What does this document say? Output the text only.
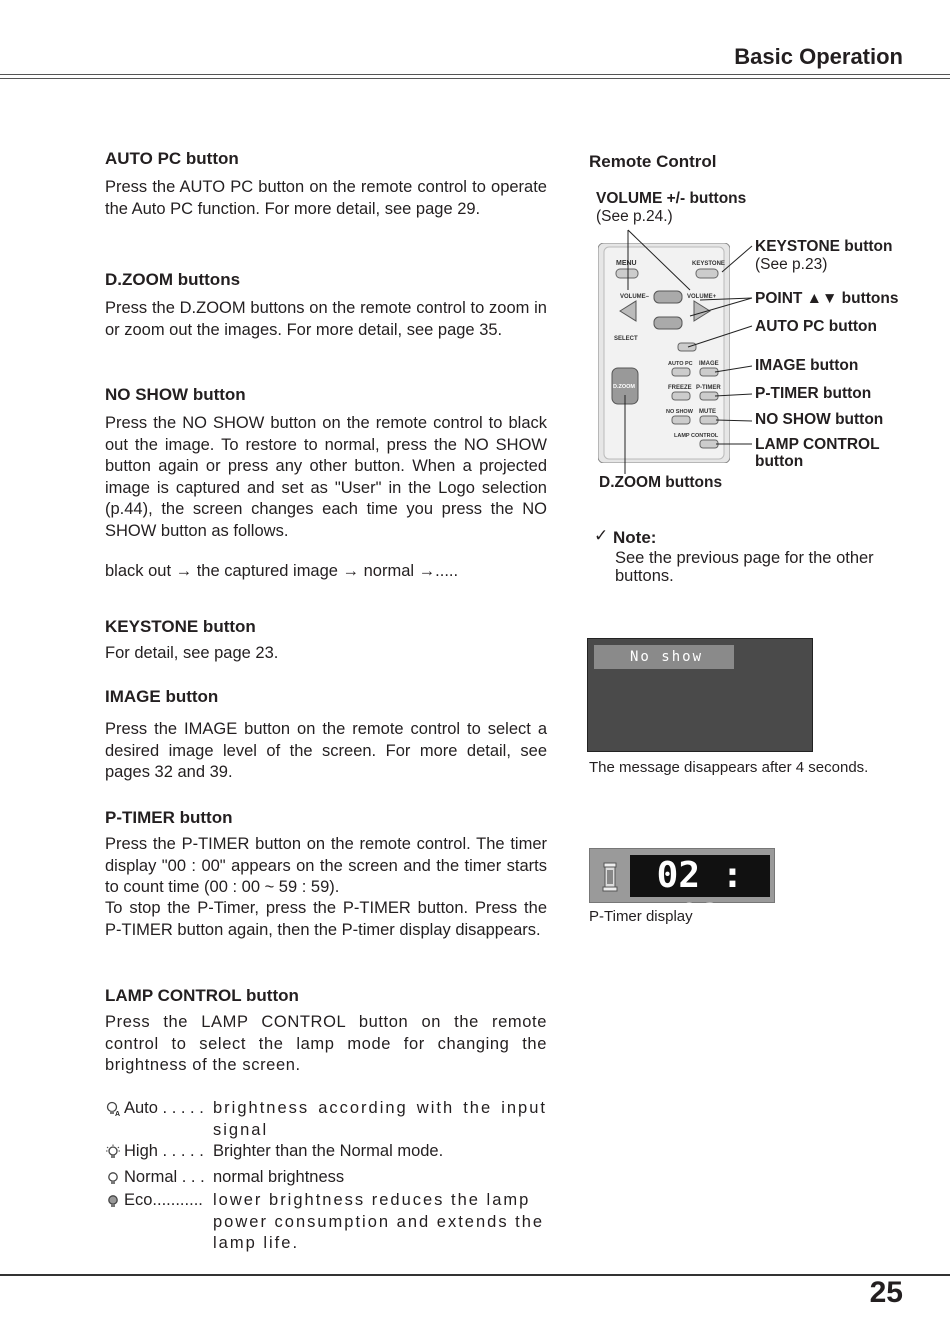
Basic Operation
25
AUTO PC button
Press the AUTO PC button on the remote control to operate the Auto PC function. For more detail, see page 29.
D.ZOOM buttons
Press the D.ZOOM buttons on the remote control to zoom in or zoom out the images. For more detail, see page 35.
NO SHOW button
Press the NO SHOW button on the remote control to black out the image. To restore to normal, press the NO SHOW button again or press any other button. When a projected image is captured and set as "User" in the Logo selection (p.44), the screen changes each time you press the NO SHOW button as follows.
black out → the captured image → normal →.....
KEYSTONE button
For detail, see page 23.
IMAGE button
Press the IMAGE button on the remote control to select a desired image level of the screen. For more detail, see pages 32 and 39.
P-TIMER button
Press the P-TIMER button on the remote control. The timer display "00 : 00" appears on the screen and the timer starts to count time (00 : 00 ~ 59 : 59).
To stop the P-Timer, press the P-TIMER button. Press the P-TIMER button again, then the P-timer display disappears.
LAMP CONTROL button
Press the LAMP CONTROL button on the remote control to select the lamp mode for changing the brightness of the screen.
A Auto . . . . . brightness according with the input signal
High . . . . . Brighter than the Normal mode.
Normal . . . normal brightness
Eco........... lower brightness reduces the lamp power consumption and extends the lamp life.
Remote Control
VOLUME +/- buttons
(See p.24.)
KEYSTONE button
(See p.23)
POINT ▲▼ buttons
AUTO PC button
IMAGE button
P-TIMER button
NO SHOW button
LAMP CONTROL
button
D.ZOOM buttons
MENU	KEYSTONE
VOLUME–	VOLUME+
SELECT
AUTO PC IMAGE
D.ZOOM	FREEZE P-TIMER
NO SHOW MUTE
LAMP CONTROL
✓ Note:
See the previous page for the other buttons.
No show
The message disappears after 4 seconds.
02 : 02
P-Timer display
